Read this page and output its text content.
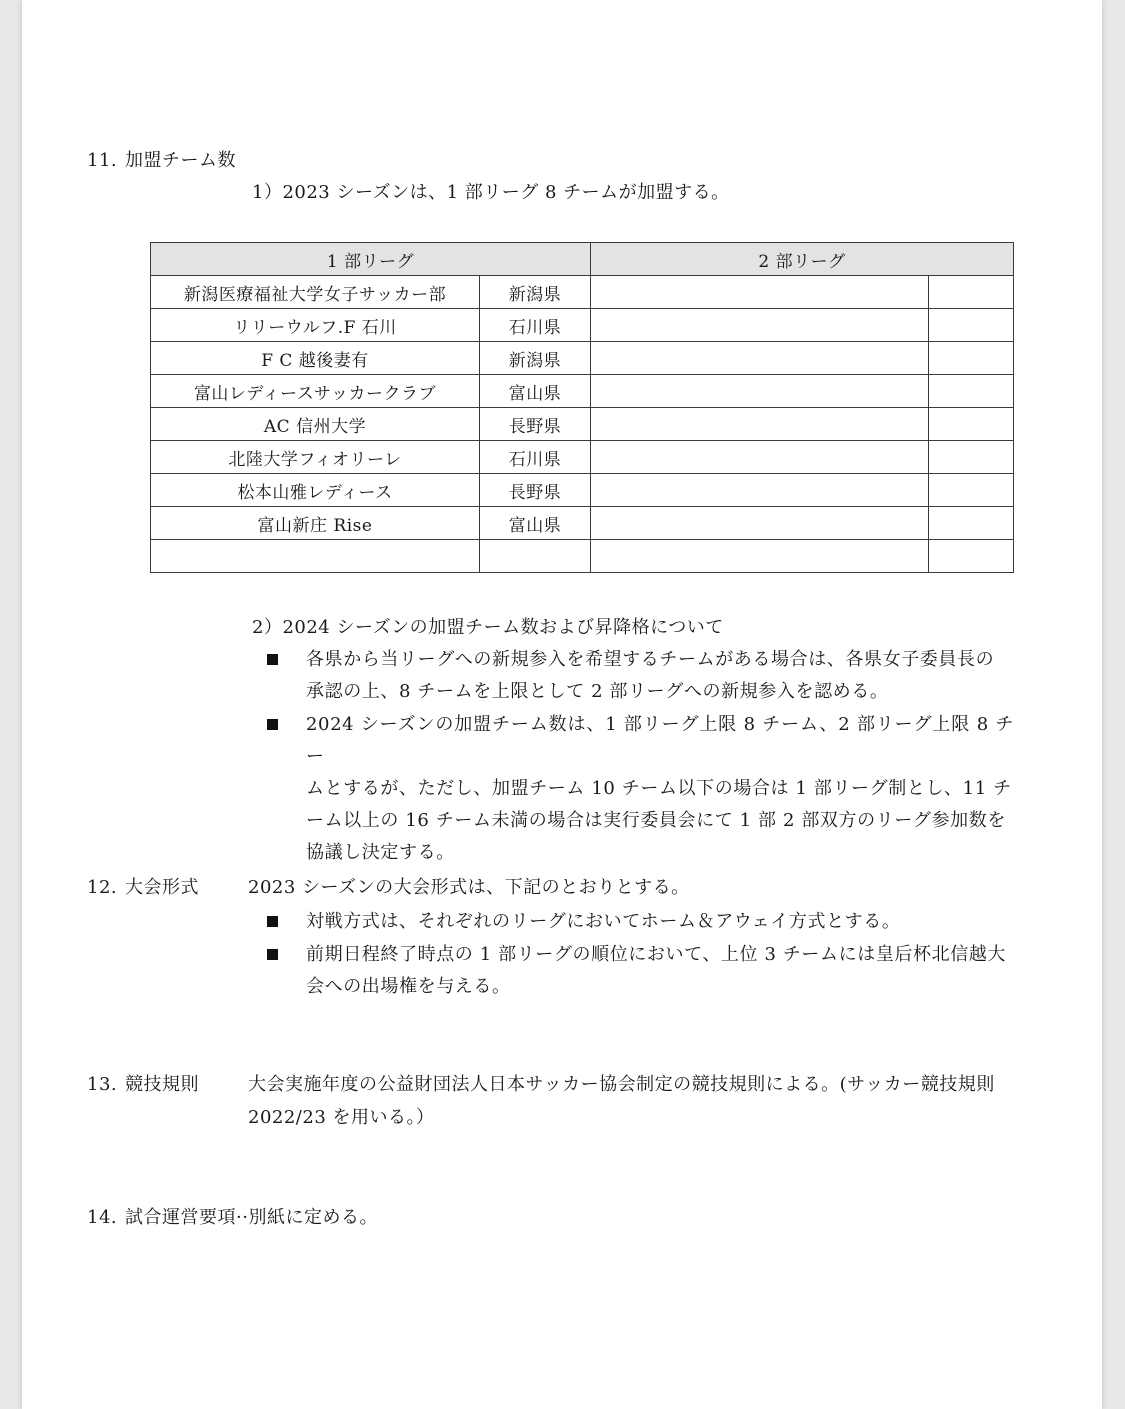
11. 加盟チーム数
1）2023 シーズンは、1 部リーグ 8 チームが加盟する。
1 部リーグ		2 部リーグ	
新潟医療福祉大学女子サッカー部	新潟県		
リリーウルフ.F 石川	石川県		
F C 越後妻有	新潟県		
富山レディースサッカークラブ	富山県		
AC 信州大学	長野県		
北陸大学フィオリーレ	石川県		
松本山雅レディース	長野県		
富山新庄 Rise	富山県		

2）2024 シーズンの加盟チーム数および昇降格について
各県から当リーグへの新規参入を希望するチームがある場合は、各県女子委員長の
承認の上、8 チームを上限として 2 部リーグへの新規参入を認める。
2024 シーズンの加盟チーム数は、1 部リーグ上限 8 チーム、2 部リーグ上限 8 チー
ムとするが、ただし、加盟チーム 10 チーム以下の場合は 1 部リーグ制とし、11 チ
ーム以上の 16 チーム未満の場合は実行委員会にて 1 部 2 部双方のリーグ参加数を
協議し決定する。
12. 大会形式	2023 シーズンの大会形式は、下記のとおりとする。
対戦方式は、それぞれのリーグにおいてホーム＆アウェイ方式とする。
前期日程終了時点の 1 部リーグの順位において、上位 3 チームには皇后杯北信越大
会への出場権を与える。
13. 競技規則	大会実施年度の公益財団法人日本サッカー協会制定の競技規則による。(サッカー競技規則
2022/23 を用いる。）
14. 試合運営要項··別紙に定める。
